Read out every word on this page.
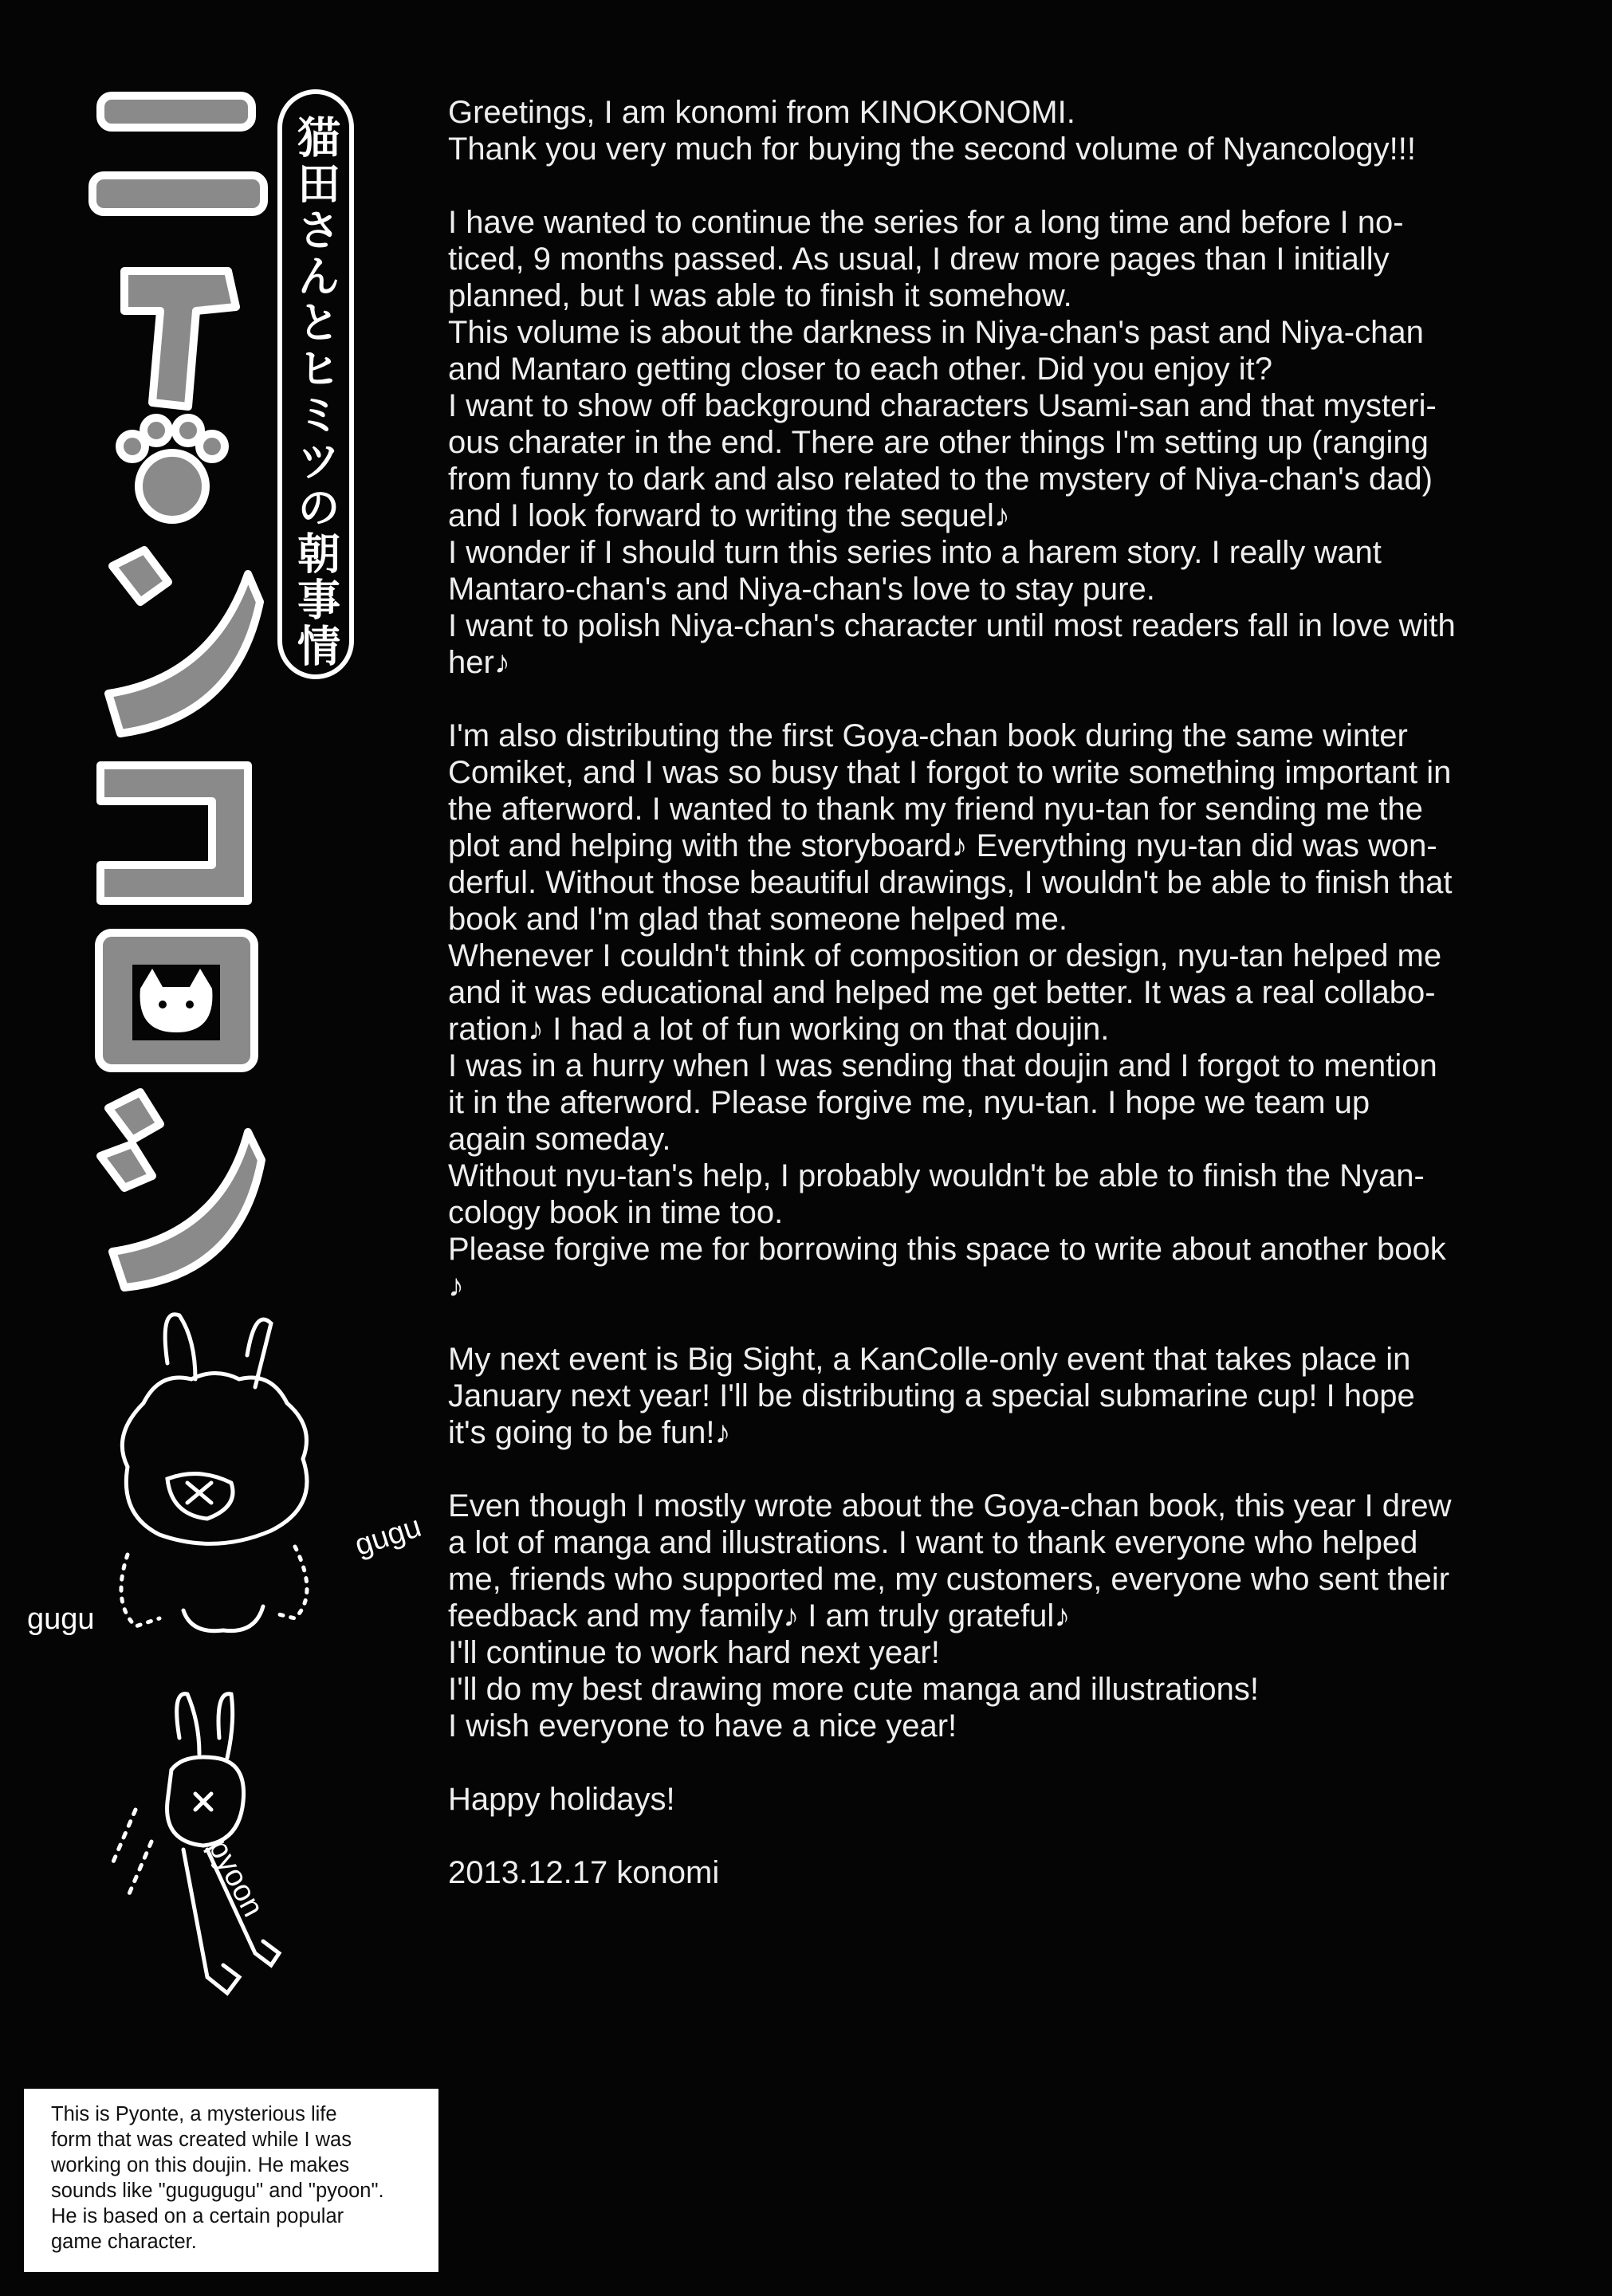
猫田さんとヒミツの朝事情
gugu
gugu
pyoon
This is Pyonte, a mysterious life
form that was created while I was
working on this doujin. He makes
sounds like "gugugugu" and "pyoon".
He is based on a certain popular
game character.

Greetings, I am konomi from KINOKONOMI.

Thank you very much for buying the second volume of Nyancology!!!

I have wanted to continue the series for a long time and before I no-

ticed, 9 months passed. As usual, I drew more pages than I initially

planned, but I was able to finish it somehow.

This volume is about the darkness in Niya-chan's past and Niya-chan

and Mantaro getting closer to each other. Did you enjoy it?

I want to show off background characters Usami-san and that mysteri-

ous charater in the end. There are other things I'm setting up (ranging

from funny to dark and also related to the mystery of Niya-chan's dad)

and I look forward to writing the sequel♪

I wonder if I should turn this series into a harem story. I really want

Mantaro-chan's and Niya-chan's love to stay pure.

I want to polish Niya-chan's character until most readers fall in love with

her♪

I'm also distributing the first Goya-chan book during the same winter

Comiket, and I was so busy that I forgot to write something important in

the afterword. I wanted to thank my friend nyu-tan for sending me the

plot and helping with the storyboard♪ Everything nyu-tan did was won-

derful. Without those beautiful drawings, I wouldn't be able to finish that

book and I'm glad that someone helped me.

Whenever I couldn't think of composition or design, nyu-tan helped me

and it was educational and helped me get better. It was a real collabo-

ration♪ I had a lot of fun working on that doujin.

I was in a hurry when I was sending that doujin and I forgot to mention

it in the afterword. Please forgive me, nyu-tan. I hope we team up

again someday.

Without nyu-tan's help, I probably wouldn't be able to finish the Nyan-

cology book in time too.

Please forgive me for borrowing this space to write about another book

♪

My next event is Big Sight, a KanColle-only event that takes place in

January next year! I'll be distributing a special submarine cup! I hope

it's going to be fun!♪

Even though I mostly wrote about the Goya-chan book, this year I drew

a lot of manga and illustrations. I want to thank everyone who helped

me, friends who supported me, my customers, everyone who sent their

feedback and my family♪ I am truly grateful♪

I'll continue to work hard next year!

I'll do my best drawing more cute manga and illustrations!

I wish everyone to have a nice year!

Happy holidays!

2013.12.17 konomi
